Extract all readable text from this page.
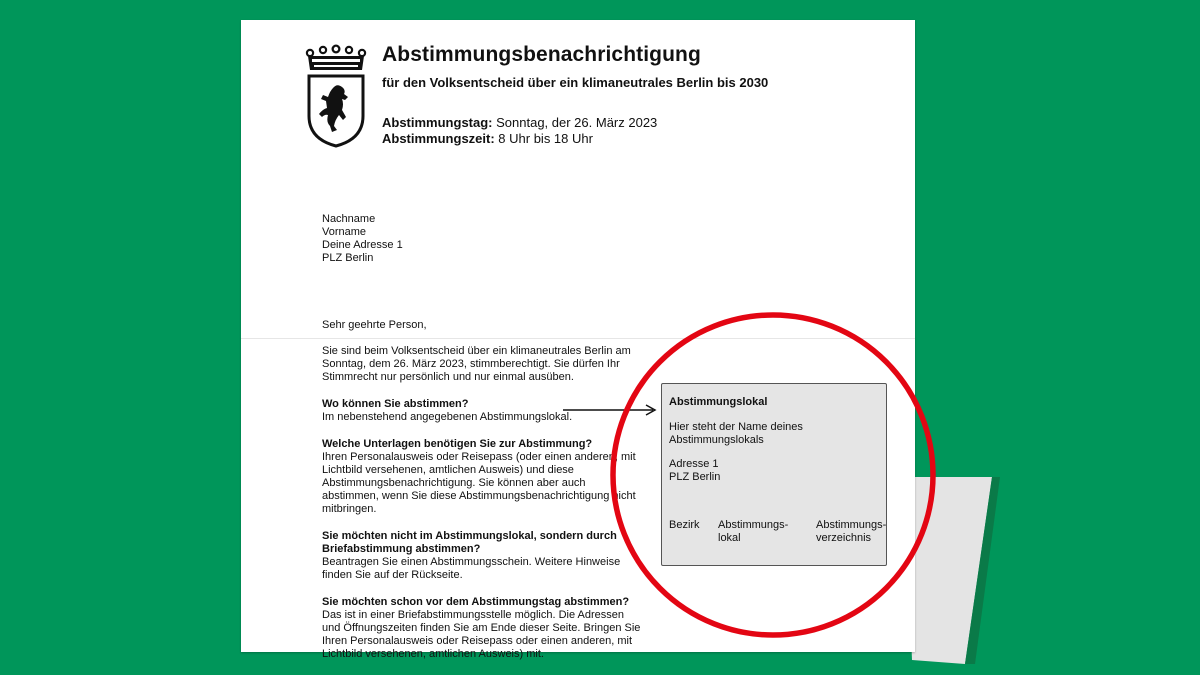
Abstimmungsbenachrichtigung
für den Volksentscheid über ein klimaneutrales Berlin bis 2030
Abstimmungstag: Sonntag, der 26. März 2023
Abstimmungszeit: 8 Uhr bis 18 Uhr
Nachname
Vorname
Deine Adresse 1
PLZ Berlin
Sehr geehrte Person,

Sie sind beim Volksentscheid über ein klimaneutrales Berlin am Sonntag, dem 26. März 2023, stimmberechtigt. Sie dürfen Ihr Stimmrecht nur persönlich und nur einmal ausüben.

Wo können Sie abstimmen?

Im nebenstehend angegebenen Abstimmungslokal.

Welche Unterlagen benötigen Sie zur Abstimmung?

Ihren Personalausweis oder Reisepass (oder einen anderen, mit Lichtbild versehenen, amtlichen Ausweis) und diese Abstimmungsbenachrichtigung. Sie können aber auch abstimmen, wenn Sie diese Abstimmungsbenachrichtigung nicht mitbringen.

Sie möchten nicht im Abstimmungslokal, sondern durch Briefabstimmung abstimmen?

Beantragen Sie einen Abstimmungsschein. Weitere Hinweise finden Sie auf der Rückseite.

Sie möchten schon vor dem Abstimmungstag abstimmen?

Das ist in einer Briefabstimmungsstelle möglich. Die Adressen und Öffnungszeiten finden Sie am Ende dieser Seite. Bringen Sie Ihren Personalausweis oder Reisepass oder einen anderen, mit Lichtbild versehenen, amtlichen Ausweis) mit.

Abstimmungslokal
Hier steht der Name deines Abstimmungslokals
Adresse 1
PLZ Berlin
Bezirk Abstimmungs-
lokal
Abstimmungs-
verzeichnis
